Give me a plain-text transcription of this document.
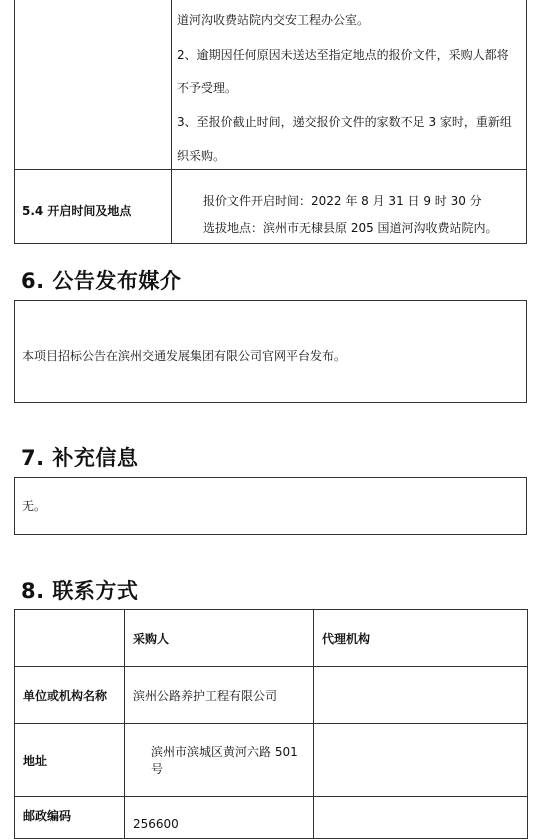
道河沟收费站院内交安工程办公室。
2、逾期因任何原因未送达至指定地点的报价文件，采购人都将
不予受理。
3、至报价截止时间，递交报价文件的家数不足 3 家时，重新组
织采购。
5.4 开启时间及地点
报价文件开启时间：2022 年 8 月 31 日 9 时 30 分
选拔地点：滨州市无棣县原 205 国道河沟收费站院内。
6. 公告发布媒介
本项目招标公告在滨州交通发展集团有限公司官网平台发布。
7. 补充信息
无。
8. 联系方式
	采购人	代理机构
单位或机构名称	滨州公路养护工程有限公司	
地址	滨州市滨城区黄河六路 501 号	
邮政编码	256600	
